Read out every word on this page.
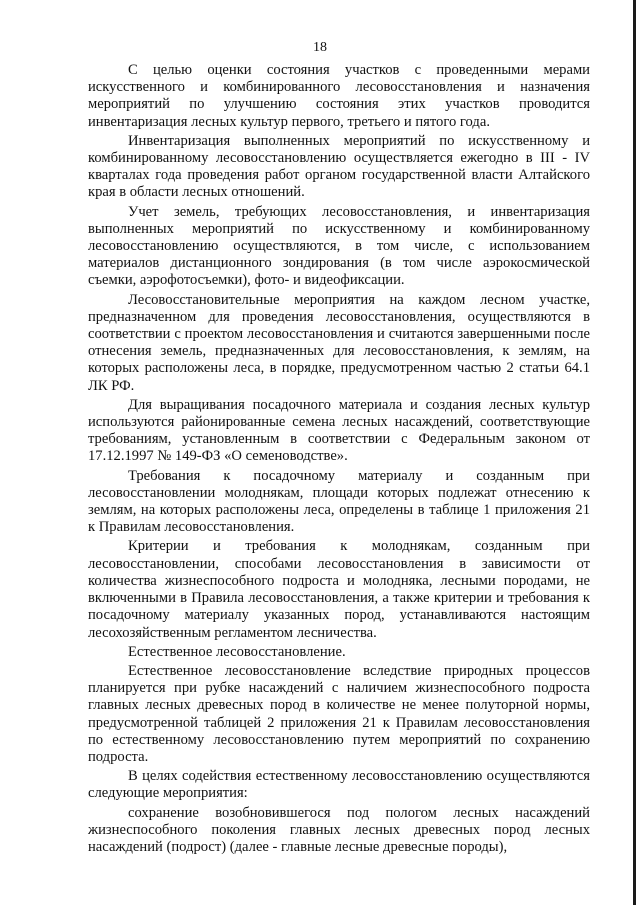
18

С целью оценки состояния участков с проведенными мерами искусственного и комбинированного лесовосстановления и назначения мероприятий по улучшению состояния этих участков проводится инвентаризация лесных культур первого, третьего и пятого года.

Инвентаризация выполненных мероприятий по искусственному и комбинированному лесовосстановлению осуществляется ежегодно в III - IV кварталах года проведения работ органом государственной власти Алтайского края в области лесных отношений.

Учет земель, требующих лесовосстановления, и инвентаризация выполненных мероприятий по искусственному и комбинированному лесовосстановлению осуществляются, в том числе, с использованием материалов дистанционного зондирования (в том числе аэрокосмической съемки, аэрофотосъемки), фото- и видеофиксации.

Лесовосстановительные мероприятия на каждом лесном участке, предназначенном для проведения лесовосстановления, осуществляются в соответствии с проектом лесовосстановления и считаются завершенными после отнесения земель, предназначенных для лесовосстановления, к землям, на которых расположены леса, в порядке, предусмотренном частью 2 статьи 64.1 ЛК РФ.

Для выращивания посадочного материала и создания лесных культур используются районированные семена лесных насаждений, соответствующие требованиям, установленным в соответствии с Федеральным законом от 17.12.1997 № 149-ФЗ «О семеноводстве».

Требования к посадочному материалу и созданным при лесовосстановлении молоднякам, площади которых подлежат отнесению к землям, на которых расположены леса, определены в таблице 1 приложения 21 к Правилам лесовосстановления.

Критерии и требования к молоднякам, созданным при лесовосстановлении, способами лесовосстановления в зависимости от количества жизнеспособного подроста и молодняка, лесными породами, не включенными в Правила лесовосстановления, а также критерии и требования к посадочному материалу указанных пород, устанавливаются настоящим лесохозяйственным регламентом лесничества.

Естественное лесовосстановление.

Естественное лесовосстановление вследствие природных процессов планируется при рубке насаждений с наличием жизнеспособного подроста главных лесных древесных пород в количестве не менее полуторной нормы, предусмотренной таблицей 2 приложения 21 к Правилам лесовосстановления по естественному лесовосстановлению путем мероприятий по сохранению подроста.

В целях содействия естественному лесовосстановлению осуществляются следующие мероприятия:

сохранение возобновившегося под пологом лесных насаждений жизнеспособного поколения главных лесных древесных пород лесных насаждений (подрост) (далее - главные лесные древесные породы),
